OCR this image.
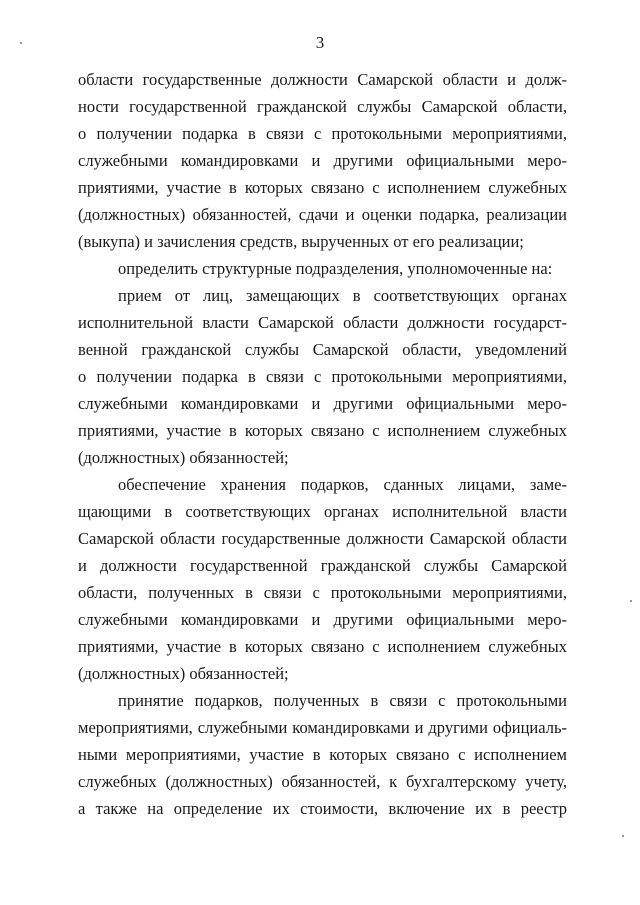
3
области государственные должности Самарской области и долж-
ности государственной гражданской службы Самарской области,
о получении подарка в связи с протокольными мероприятиями,
служебными командировками и другими официальными меро-
приятиями, участие в которых связано с исполнением служебных
(должностных) обязанностей, сдачи и оценки подарка, реализации
(выкупа) и зачисления средств, вырученных от его реализации;
определить структурные подразделения, уполномоченные на:
прием от лиц, замещающих в соответствующих органах
исполнительной власти Самарской области должности государст-
венной гражданской службы Самарской области, уведомлений
о получении подарка в связи с протокольными мероприятиями,
служебными командировками и другими официальными меро-
приятиями, участие в которых связано с исполнением служебных
(должностных) обязанностей;
обеспечение хранения подарков, сданных лицами, заме-
щающими в соответствующих органах исполнительной власти
Самарской области государственные должности Самарской области
и должности государственной гражданской службы Самарской
области, полученных в связи с протокольными мероприятиями,
служебными командировками и другими официальными меро-
приятиями, участие в которых связано с исполнением служебных
(должностных) обязанностей;
принятие подарков, полученных в связи с протокольными
мероприятиями, служебными командировками и другими официаль-
ными мероприятиями, участие в которых связано с исполнением
служебных (должностных) обязанностей, к бухгалтерскому учету,
а также на определение их стоимости, включение их в реестр
